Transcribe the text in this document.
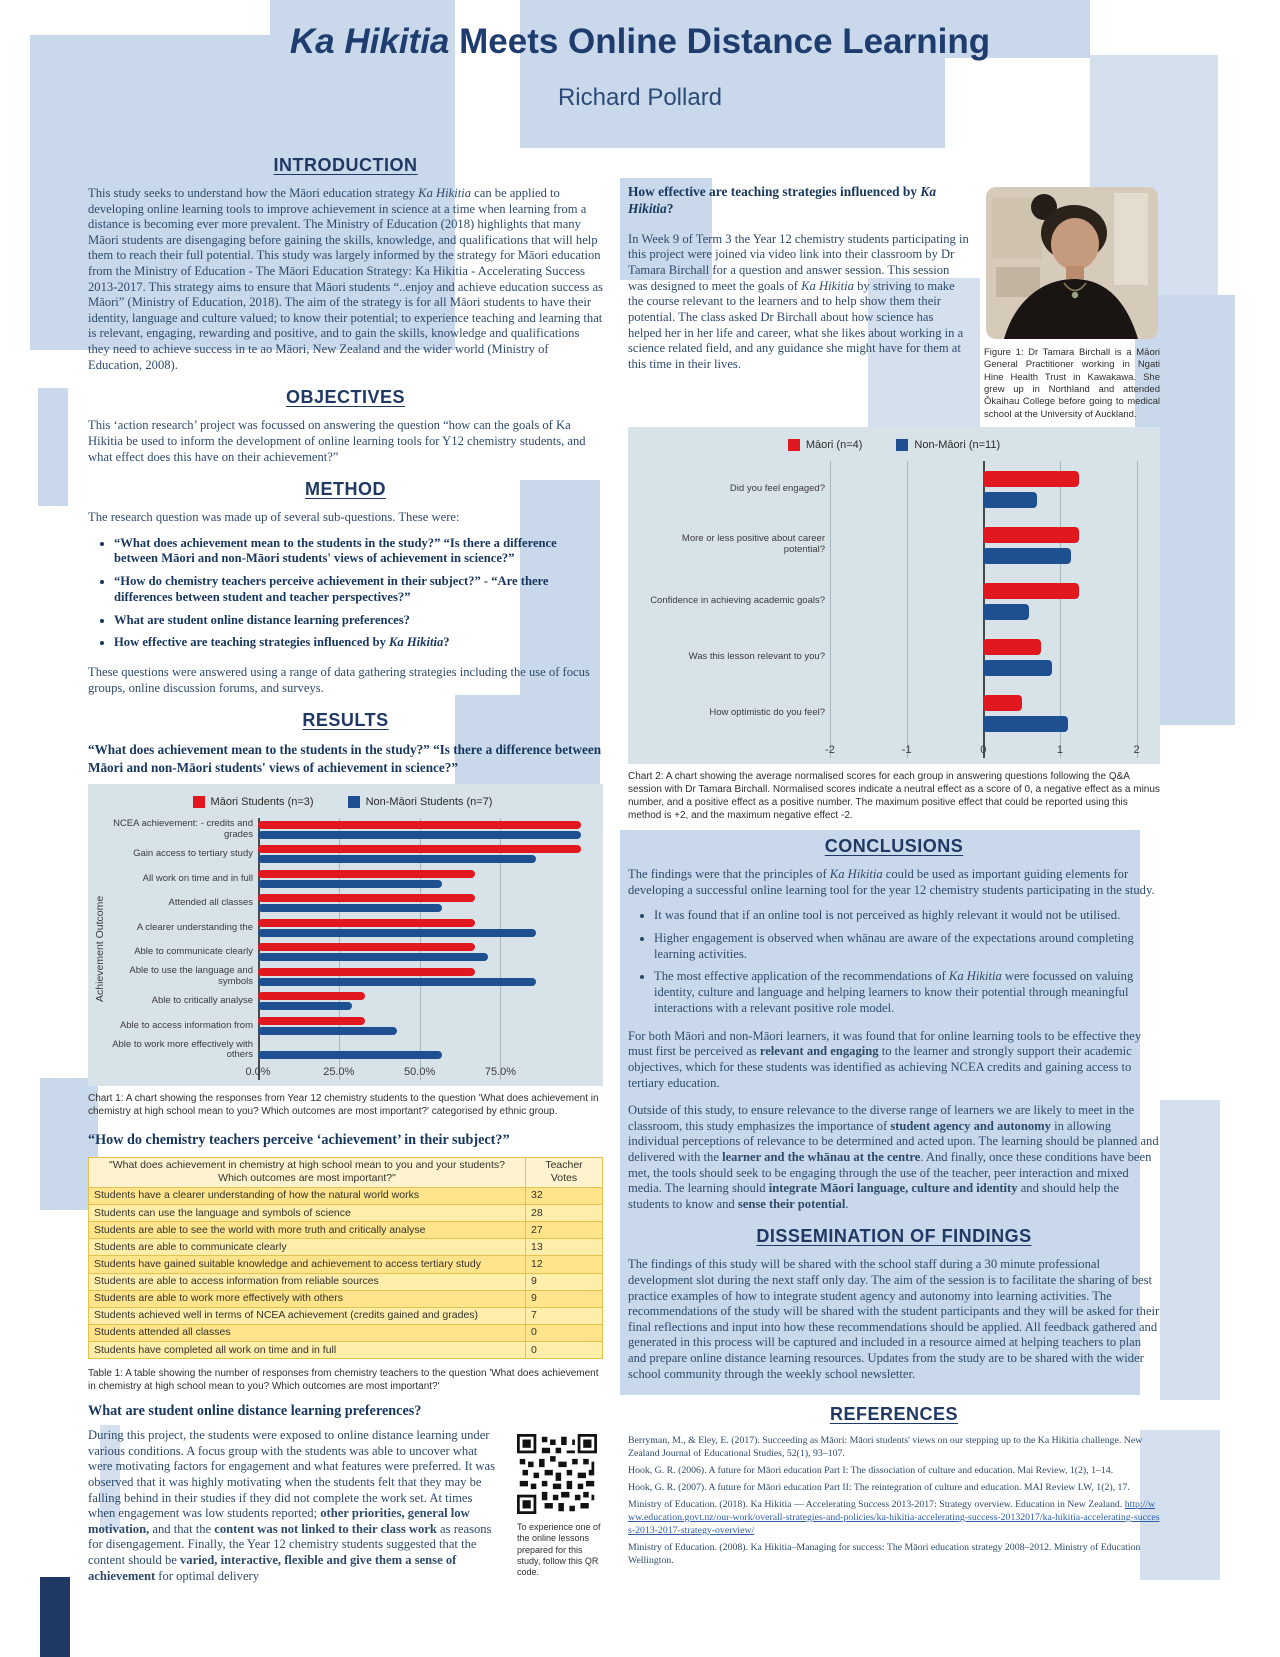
Ka Hikitia Meets Online Distance Learning
Richard Pollard
INTRODUCTION

This study seeks to understand how the Māori education strategy Ka Hikitia can be applied to developing online learning tools to improve achievement in science at a time when learning from a distance is becoming ever more prevalent. The Ministry of Education (2018) highlights that many Māori students are disengaging before gaining the skills, knowledge, and qualifications that will help them to reach their full potential. This study was largely informed by the strategy for Māori education from the Ministry of Education - The Māori Education Strategy: Ka Hikitia - Accelerating Success 2013-2017. This strategy aims to ensure that Māori students “..enjoy and achieve education success as Māori” (Ministry of Education, 2018). The aim of the strategy is for all Māori students to have their identity, language and culture valued; to know their potential; to experience teaching and learning that is relevant, engaging, rewarding and positive, and to gain the skills, knowledge and qualifications they need to achieve success in te ao Māori, New Zealand and the wider world (Ministry of Education, 2008).

OBJECTIVES

This ‘action research’ project was focussed on answering the question “how can the goals of Ka Hikitia be used to inform the development of online learning tools for Y12 chemistry students, and what effect does this have on their achievement?”

METHOD

The research question was made up of several sub-questions. These were:

• “What does achievement mean to the students in the study?” “Is there a difference between Māori and non-Māori students' views of achievement in science?”
• “How do chemistry teachers perceive achievement in their subject?” - “Are there differences between student and teacher perspectives?”
• What are student online distance learning preferences?
• How effective are teaching strategies influenced by Ka Hikitia?

These questions were answered using a range of data gathering strategies including the use of focus groups, online discussion forums, and surveys.

RESULTS
“What does achievement mean to the students in the study?” “Is there a difference between Māori and non-Māori students' views of achievement in science?”
Māori Students (n=3)	Non-Māori Students (n=7)
Achievement Outcome
NCEA achievement: - credits and grades
Gain access to tertiary study
All work on time and in full
Attended all classes
A clearer understanding the
Able to communicate clearly
Able to use the language and symbols
Able to critically analyse
Able to access information from
Able to work more effectively with others
0.0%	25.0%	50.0%	75.0%
Chart 1: A chart showing the responses from Year 12 chemistry students to the question 'What does achievement in chemistry at high school mean to you? Which outcomes are most important?' categorised by ethnic group.
“How do chemistry teachers perceive ‘achievement’ in their subject?”
"What does achievement in chemistry at high school mean to you and your students? Which outcomes are most important?"	Teacher Votes
Students have a clearer understanding of how the natural world works	32
Students can use the language and symbols of science	28
Students are able to see the world with more truth and critically analyse	27
Students are able to communicate clearly	13
Students have gained suitable knowledge and achievement to access tertiary study	12
Students are able to access information from reliable sources	9
Students are able to work more effectively with others	9
Students achieved well in terms of NCEA achievement (credits gained and grades)	7
Students attended all classes	0
Students have completed all work on time and in full	0
Table 1: A table showing the number of responses from chemistry teachers to the question 'What does achievement in chemistry at high school mean to you? Which outcomes are most important?'
What are student online distance learning preferences?
To experience one of the online lessons prepared for this study, follow this QR code.

During this project, the students were exposed to online distance learning under various conditions. A focus group with the students was able to uncover what were motivating factors for engagement and what features were preferred. It was observed that it was highly motivating when the students felt that they may be falling behind in their studies if they did not complete the work set. At times when engagement was low students reported; other priorities, general low motivation, and that the content was not linked to their class work as reasons for disengagement. Finally, the Year 12 chemistry students suggested that the content should be varied, interactive, flexible and give them a sense of achievement for optimal delivery

Figure 1: Dr Tamara Birchall is a Māori General Practitioner working in Ngati Hine Health Trust in Kawakawa. She grew up in Northland and attended Ōkaihau College before going to medical school at the University of Auckland.
How effective are teaching strategies influenced by Ka Hikitia?

In Week 9 of Term 3 the Year 12 chemistry students participating in this project were joined via video link into their classroom by Dr Tamara Birchall for a question and answer session. This session was designed to meet the goals of Ka Hikitia by striving to make the course relevant to the learners and to help show them their potential. The class asked Dr Birchall about how science has helped her in her life and career, what she likes about working in a science related field, and any guidance she might have for them at this time in their lives.

Māori (n=4)	Non-Māori (n=11)
Did you feel engaged?
More or less positive about career potential?
Confidence in achieving academic goals?
Was this lesson relevant to you?
How optimistic do you feel?
-2	-1	0	1	2
Chart 2: A chart showing the average normalised scores for each group in answering questions following the Q&A session with Dr Tamara Birchall. Normalised scores indicate a neutral effect as a score of 0, a negative effect as a minus number, and a positive effect as a positive number. The maximum positive effect that could be reported using this method is +2, and the maximum negative effect -2.
CONCLUSIONS

The findings were that the principles of Ka Hikitia could be used as important guiding elements for developing a successful online learning tool for the year 12 chemistry students participating in the study.

• It was found that if an online tool is not perceived as highly relevant it would not be utilised.
• Higher engagement is observed when whānau are aware of the expectations around completing learning activities.
• The most effective application of the recommendations of Ka Hikitia were focussed on valuing identity, culture and language and helping learners to know their potential through meaningful interactions with a relevant positive role model.

For both Māori and non-Māori learners, it was found that for online learning tools to be effective they must first be perceived as relevant and engaging to the learner and strongly support their academic objectives, which for these students was identified as achieving NCEA credits and gaining access to tertiary education.

Outside of this study, to ensure relevance to the diverse range of learners we are likely to meet in the classroom, this study emphasizes the importance of student agency and autonomy in allowing individual perceptions of relevance to be determined and acted upon. The learning should be planned and delivered with the learner and the whānau at the centre. And finally, once these conditions have been met, the tools should seek to be engaging through the use of the teacher, peer interaction and mixed media. The learning should integrate Māori language, culture and identity and should help the students to know and sense their potential.

DISSEMINATION OF FINDINGS

The findings of this study will be shared with the school staff during a 30 minute professional development slot during the next staff only day. The aim of the session is to facilitate the sharing of best practice examples of how to integrate student agency and autonomy into learning activities. The recommendations of the study will be shared with the student participants and they will be asked for their final reflections and input into how these recommendations should be applied. All feedback gathered and generated in this process will be captured and included in a resource aimed at helping teachers to plan and prepare online distance learning resources. Updates from the study are to be shared with the wider school community through the weekly school newsletter.

REFERENCES
Berryman, M., & Eley, E. (2017). Succeeding as Māori: Māori students' views on our stepping up to the Ka Hikitia challenge. New Zealand Journal of Educational Studies, 52(1), 93–107.
Hook, G. R. (2006). A future for Māori education Part I: The dissociation of culture and education. Mai Review, 1(2), 1–14.
Hook, G. R. (2007). A future for Māori education Part II: The reintegration of culture and education. MAI Review LW, 1(2), 17.
Ministry of Education. (2018). Ka Hikitia — Accelerating Success 2013-2017: Strategy overview. Education in New Zealand. http://www.education.govt.nz/our-work/overall-strategies-and-policies/ka-hikitia-accelerating-success-20132017/ka-hikitia-accelerating-success-2013-2017-strategy-overview/
Ministry of Education. (2008). Ka Hikitia–Managing for success: The Māori education strategy 2008–2012. Ministry of Education Wellington.
